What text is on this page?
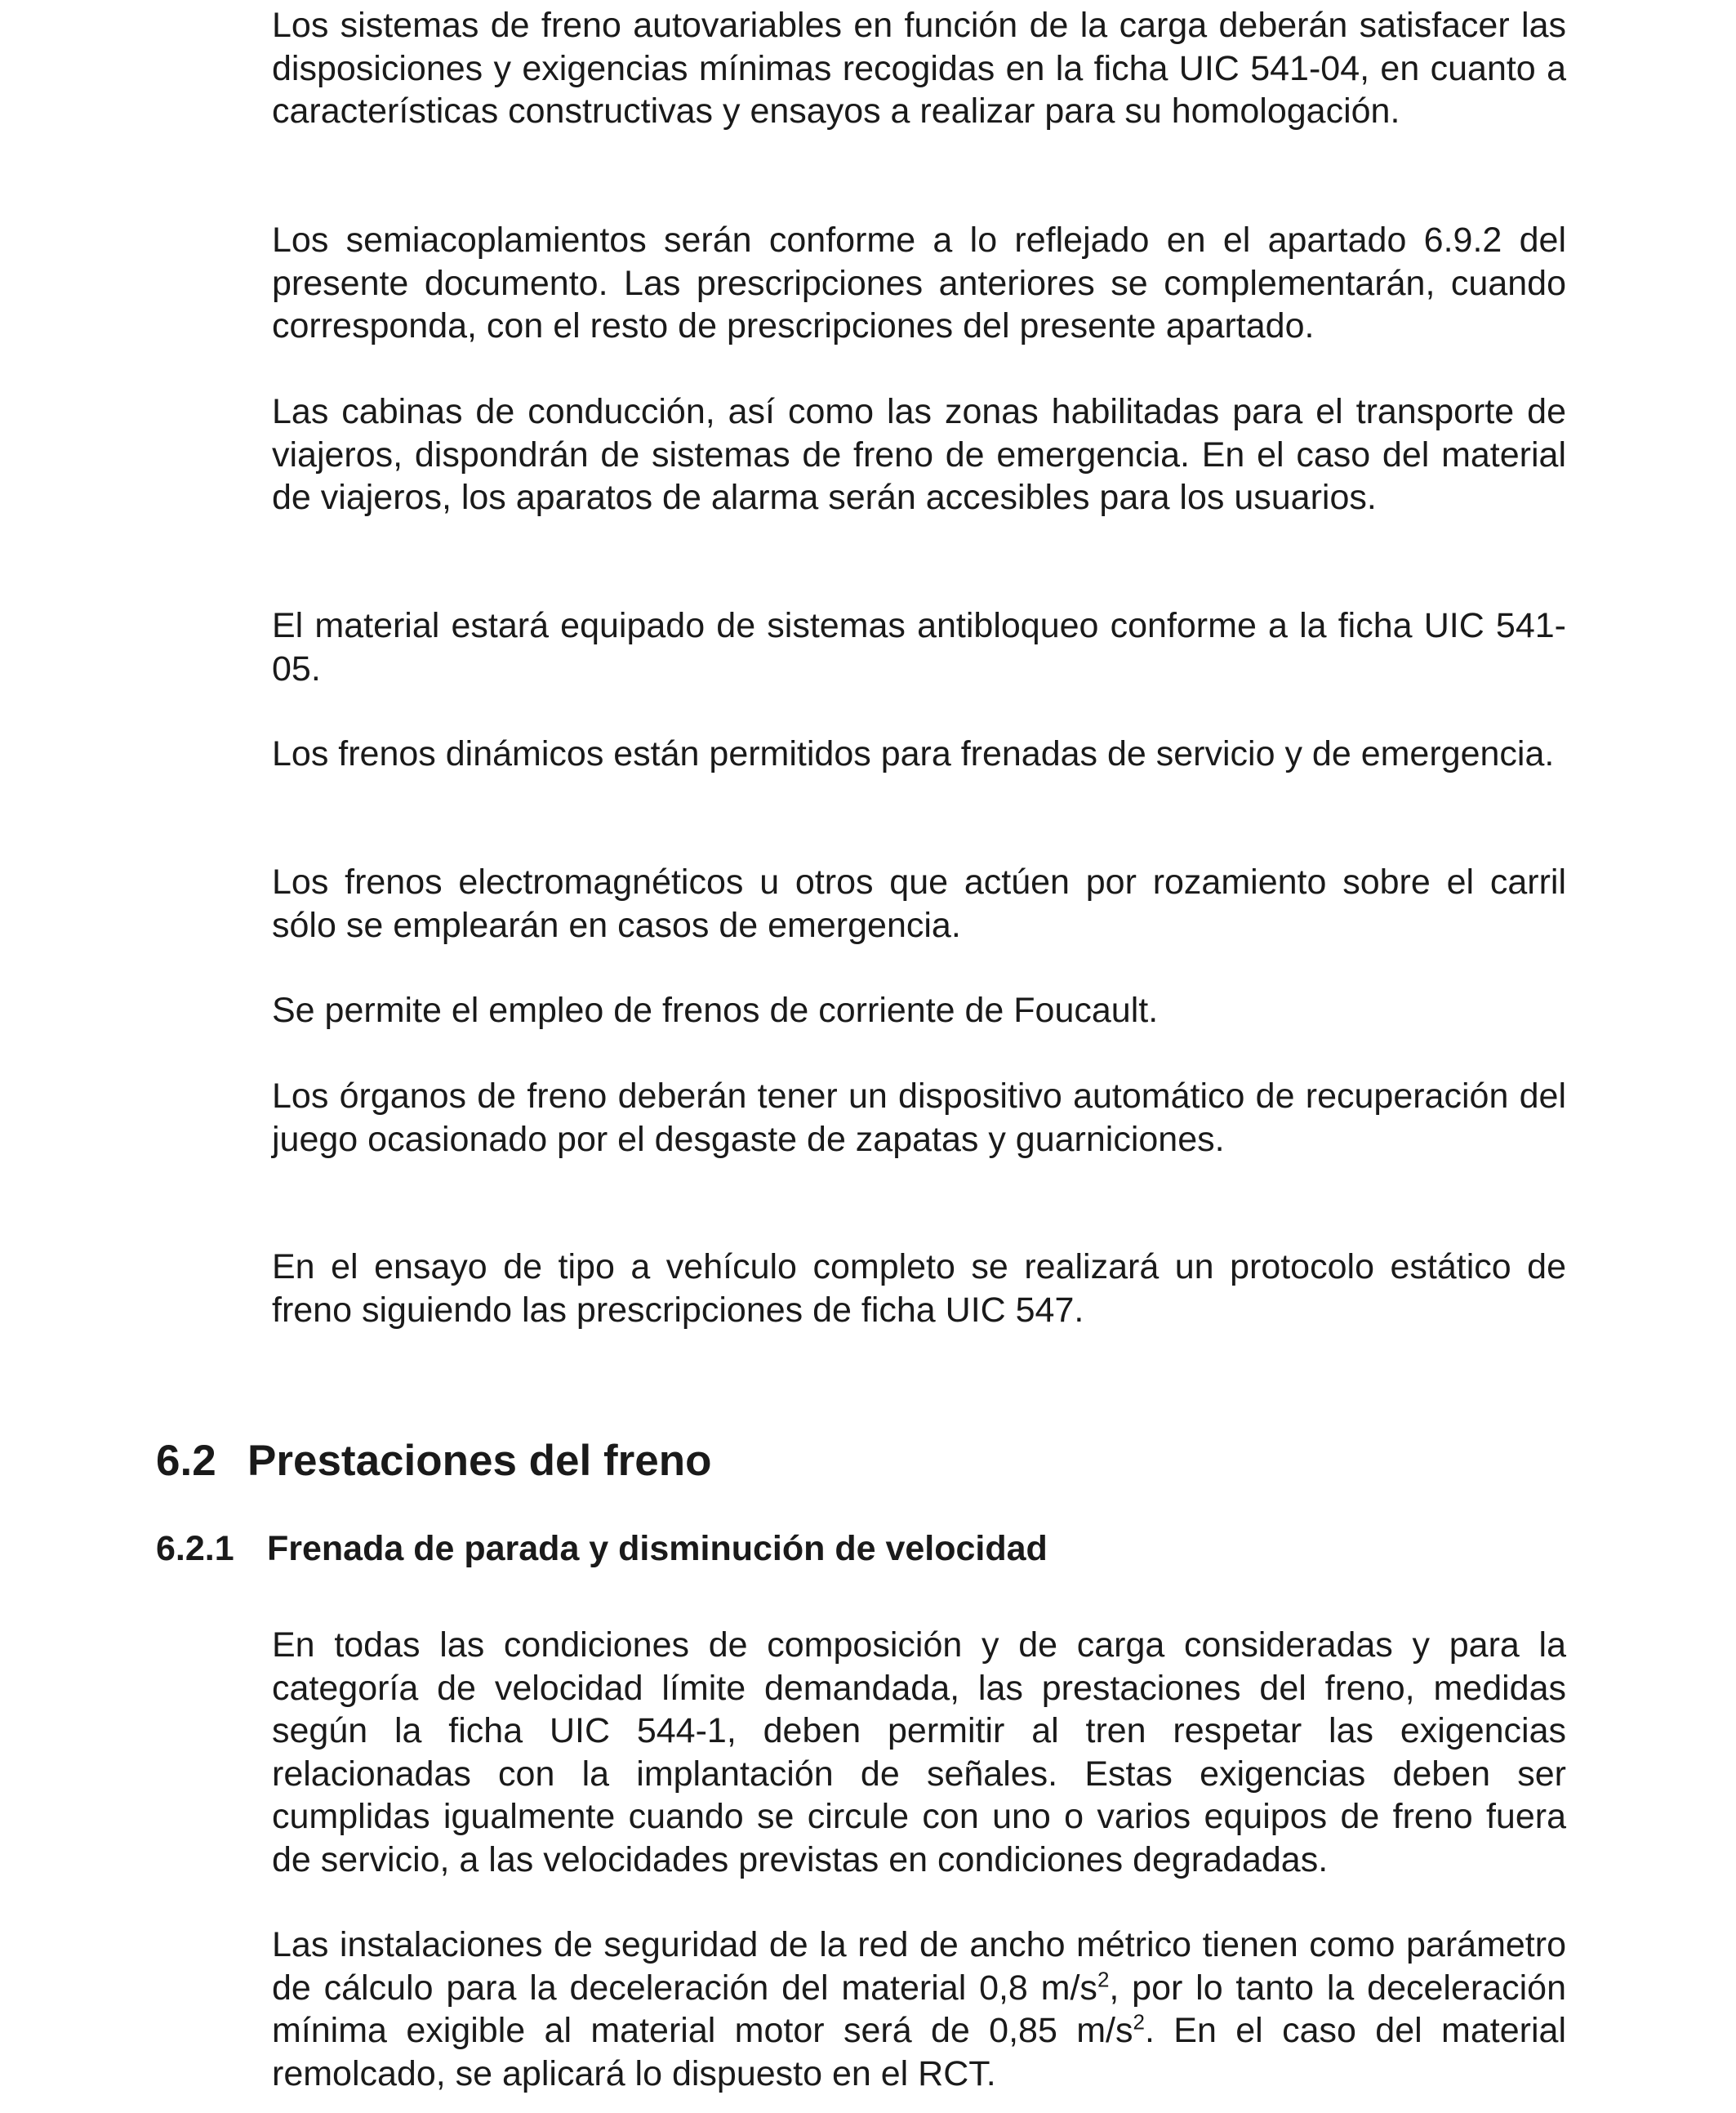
Los sistemas de freno autovariables en función de la carga deberán satisfacer las disposiciones y exigencias mínimas recogidas en la ficha UIC 541-04, en cuanto a características constructivas y ensayos a realizar para su homologación.

Los semiacoplamientos serán conforme a lo reflejado en el apartado 6.9.2 del presente documento. Las prescripciones anteriores se complementarán, cuando corresponda, con el resto de prescripciones del presente apartado.

Las cabinas de conducción, así como las zonas habilitadas para el transporte de viajeros, dispondrán de sistemas de freno de emergencia. En el caso del material de viajeros, los aparatos de alarma serán accesibles para los usuarios.

El material estará equipado de sistemas antibloqueo conforme a la ficha UIC 541-05.

Los frenos dinámicos están permitidos para frenadas de servicio y de emergencia.

Los frenos electromagnéticos u otros que actúen por rozamiento sobre el carril sólo se emplearán en casos de emergencia.

Se permite el empleo de frenos de corriente de Foucault.

Los órganos de freno deberán tener un dispositivo automático de recuperación del juego ocasionado por el desgaste de zapatas y guarniciones.

En el ensayo de tipo a vehículo completo se realizará un protocolo estático de freno siguiendo las prescripciones de ficha UIC 547.

6.2 Prestaciones del freno
6.2.1 Frenada de parada y disminución de velocidad

En todas las condiciones de composición y de carga consideradas y para la categoría de velocidad límite demandada, las prestaciones del freno, medidas según la ficha UIC 544-1, deben permitir al tren respetar las exigencias relacionadas con la implantación de señales. Estas exigencias deben ser cumplidas igualmente cuando se circule con uno o varios equipos de freno fuera de servicio, a las velocidades previstas en condiciones degradadas.

Las instalaciones de seguridad de la red de ancho métrico tienen como parámetro de cálculo para la deceleración del material 0,8 $m/s^2$, por lo tanto la deceleración mínima exigible al material motor será de 0,85 $m/s^2$. En el caso del material remolcado, se aplicará lo dispuesto en el RCT.
